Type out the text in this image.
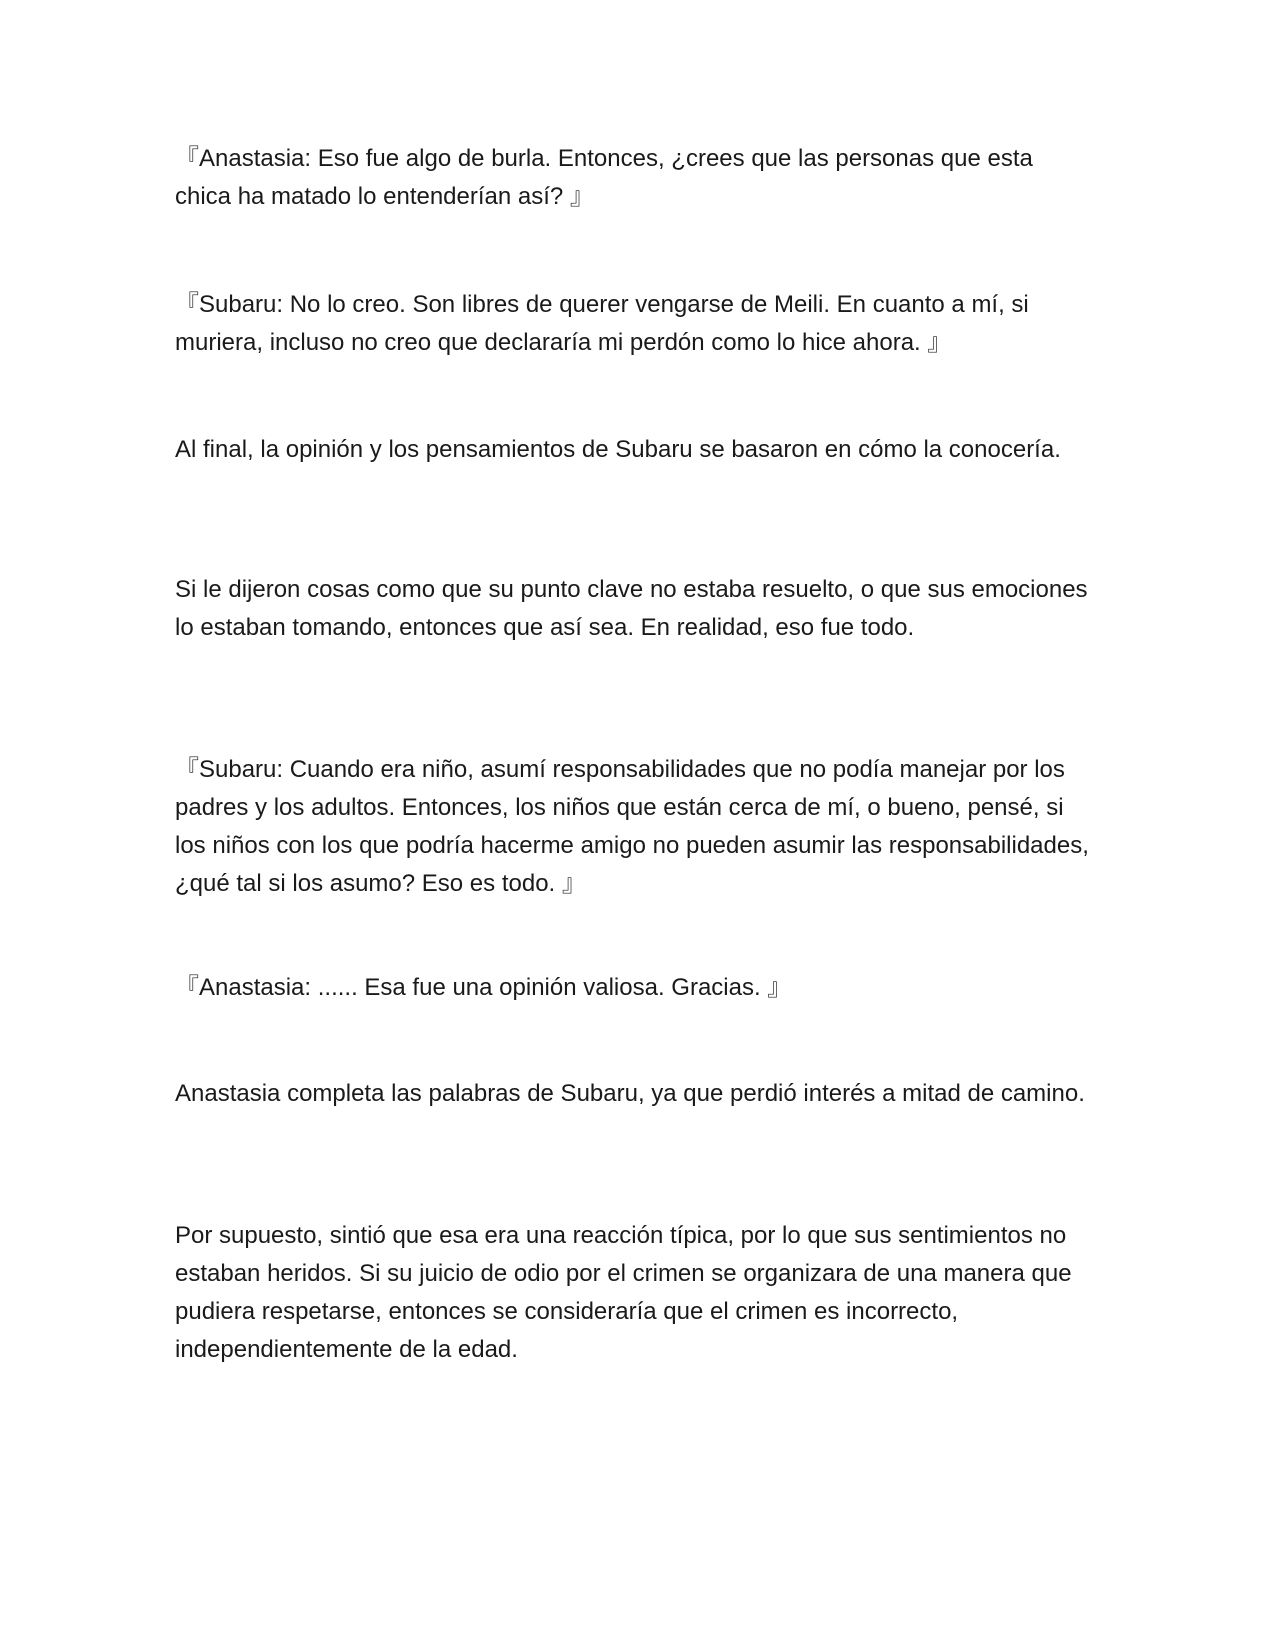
『Anastasia: Eso fue algo de burla. Entonces, ¿crees que las personas que esta chica ha matado lo entenderían así? 』

『Subaru: No lo creo. Son libres de querer vengarse de Meili. En cuanto a mí, si muriera, incluso no creo que declararía mi perdón como lo hice ahora. 』

Al final, la opinión y los pensamientos de Subaru se basaron en cómo la conocería.

Si le dijeron cosas como que su punto clave no estaba resuelto, o que sus emociones lo estaban tomando, entonces que así sea. En realidad, eso fue todo.

『Subaru: Cuando era niño, asumí responsabilidades que no podía manejar por los padres y los adultos. Entonces, los niños que están cerca de mí, o bueno, pensé, si los niños con los que podría hacerme amigo no pueden asumir las responsabilidades, ¿qué tal si los asumo? Eso es todo. 』

『Anastasia: ...... Esa fue una opinión valiosa. Gracias. 』

Anastasia completa las palabras de Subaru, ya que perdió interés a mitad de camino.

Por supuesto, sintió que esa era una reacción típica, por lo que sus sentimientos no estaban heridos. Si su juicio de odio por el crimen se organizara de una manera que pudiera respetarse, entonces se consideraría que el crimen es incorrecto, independientemente de la edad.
